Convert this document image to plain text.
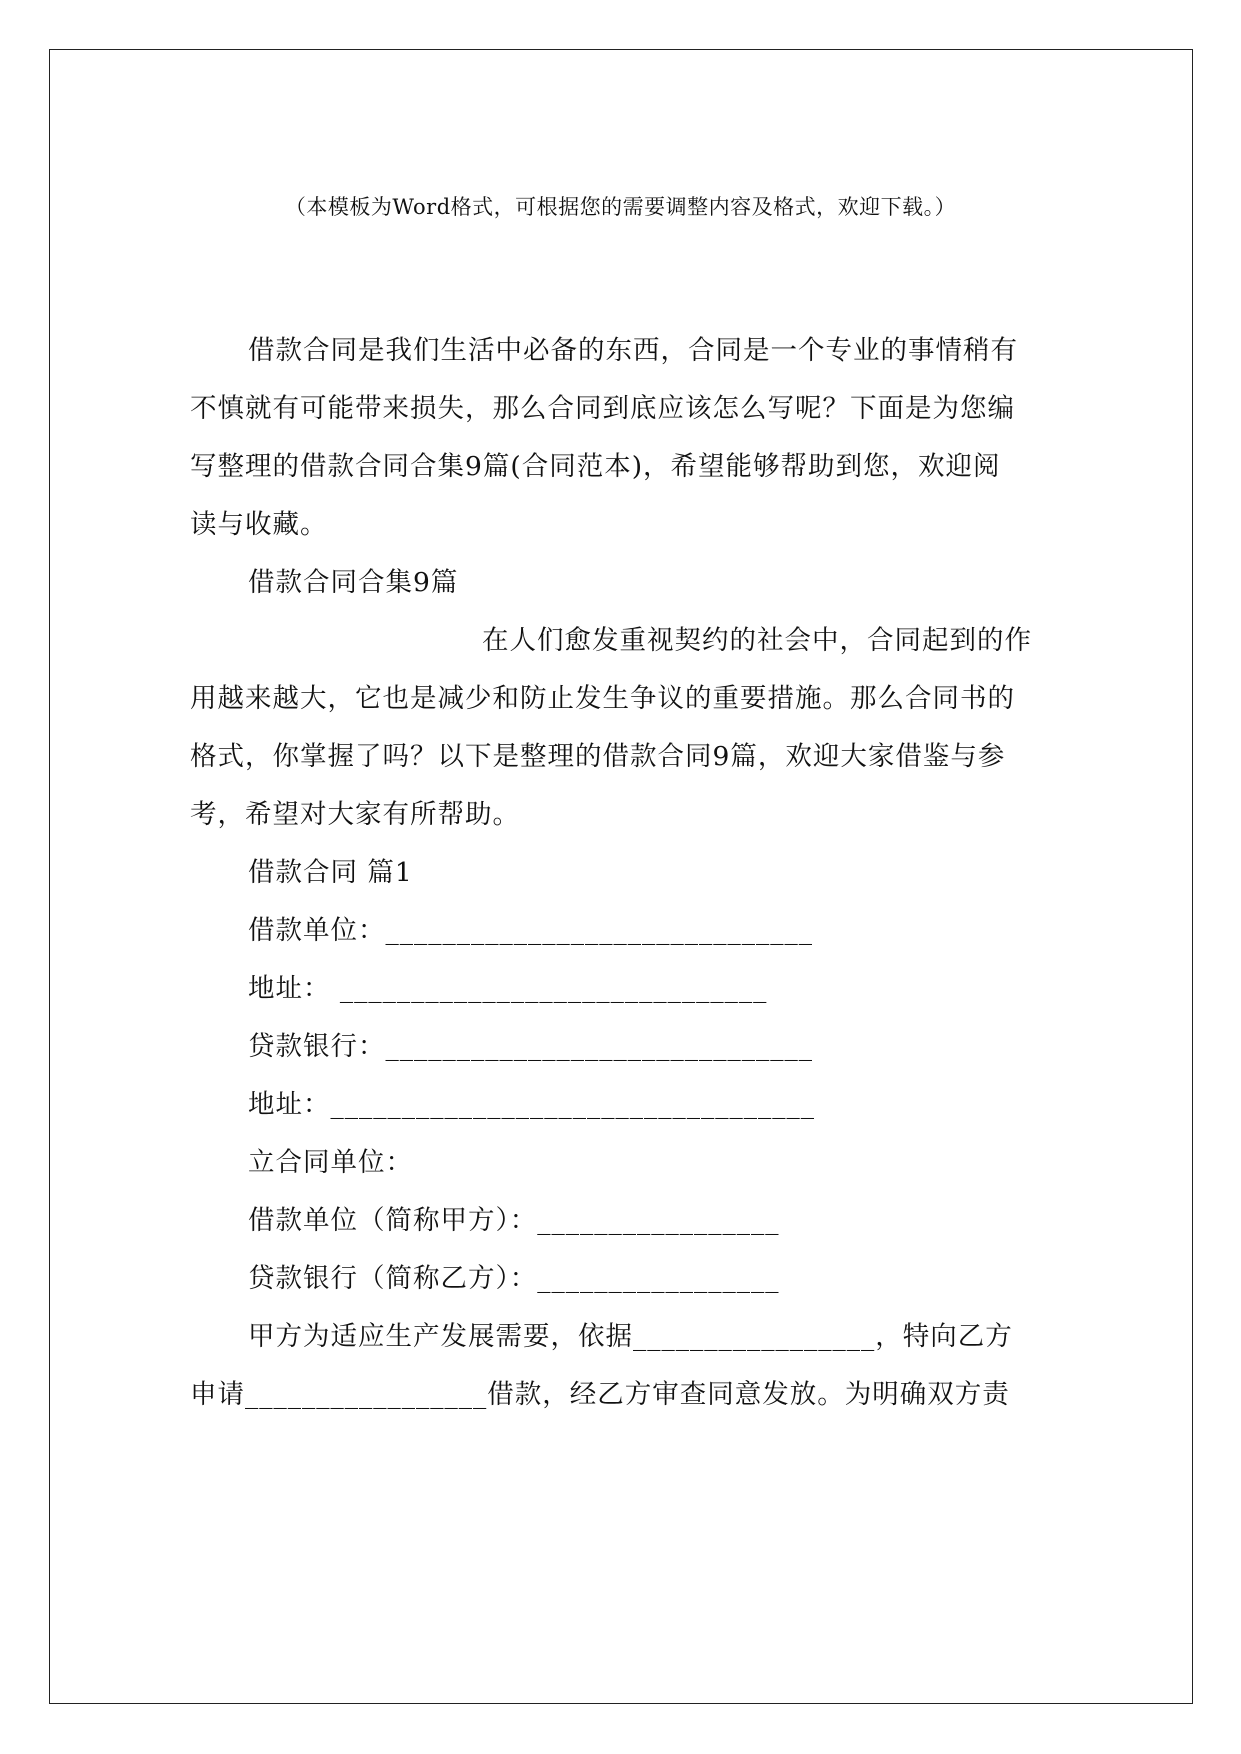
（本模板为Word格式，可根据您的需要调整内容及格式，欢迎下载。）
借款合同是我们生活中必备的东西，合同是一个专业的事情稍有
不慎就有可能带来损失，那么合同到底应该怎么写呢？下面是为您编
写整理的借款合同合集9篇(合同范本)，希望能够帮助到您，欢迎阅
读与收藏。
借款合同合集9篇
在人们愈发重视契约的社会中，合同起到的作
用越来越大，它也是减少和防止发生争议的重要措施。那么合同书的
格式，你掌握了吗？以下是整理的借款合同9篇，欢迎大家借鉴与参
考，希望对大家有所帮助。
借款合同 篇1
借款单位：______________________________
地址： ______________________________
贷款银行：______________________________
地址：__________________________________
立合同单位：
借款单位（简称甲方）：_________________
贷款银行（简称乙方）：_________________
甲方为适应生产发展需要，依据_________________，特向乙方
申请_________________借款，经乙方审查同意发放。为明确双方责
